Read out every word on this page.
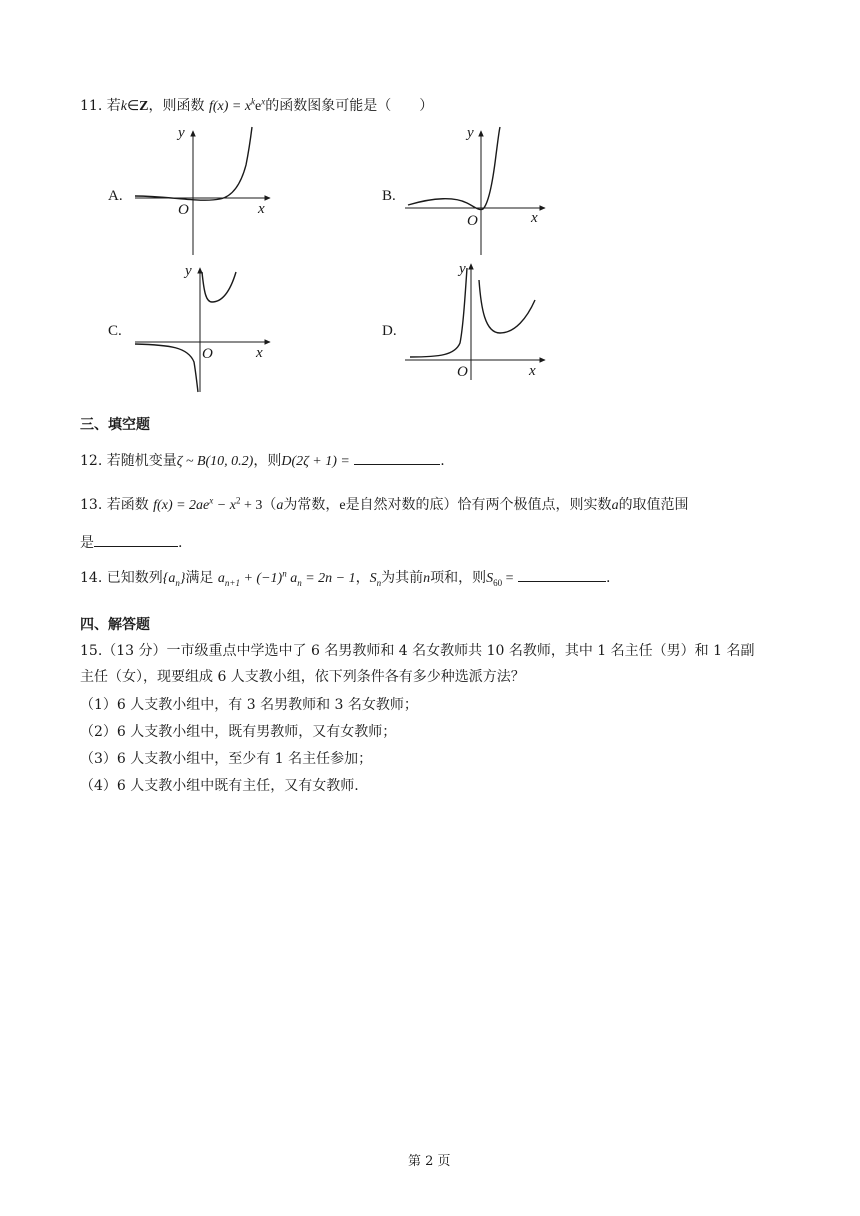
11. 若k∈Z，则函数 $f(x) = x^ke^x$的函数图象可能是（　　）
A.	B.
C.	D.
y
x
O
y
x
O
y
x
O
y
x
O
三、填空题
12. 若随机变量ζ ~ B(10, 0.2)，则D(2ζ + 1) =	.
13. 若函数 $f(x) = 2ae^x - x^2 + 3(a$为常数，e是自然对数的底）恰有两个极值点，则实数a的取值范围
是	.
14. 已知数列$\{a_n\}$满足 $a_{n+1} + (-1)^n$ $a_n = 2n - 1$，$S_n$为其前n项和，则$S_{60}$ =	.
四、解答题
15.（13 分）一市级重点中学选中了 6 名男教师和 4 名女教师共 10 名教师，其中 1 名主任（男）和 1 名副
主任（女），现要组成 6 人支教小组，依下列条件各有多少种选派方法？
（1）6 人支教小组中，有 3 名男教师和 3 名女教师；
（2）6 人支教小组中，既有男教师，又有女教师；
（3）6 人支教小组中，至少有 1 名主任参加；
（4）6 人支教小组中既有主任，又有女教师.
第 2 页
